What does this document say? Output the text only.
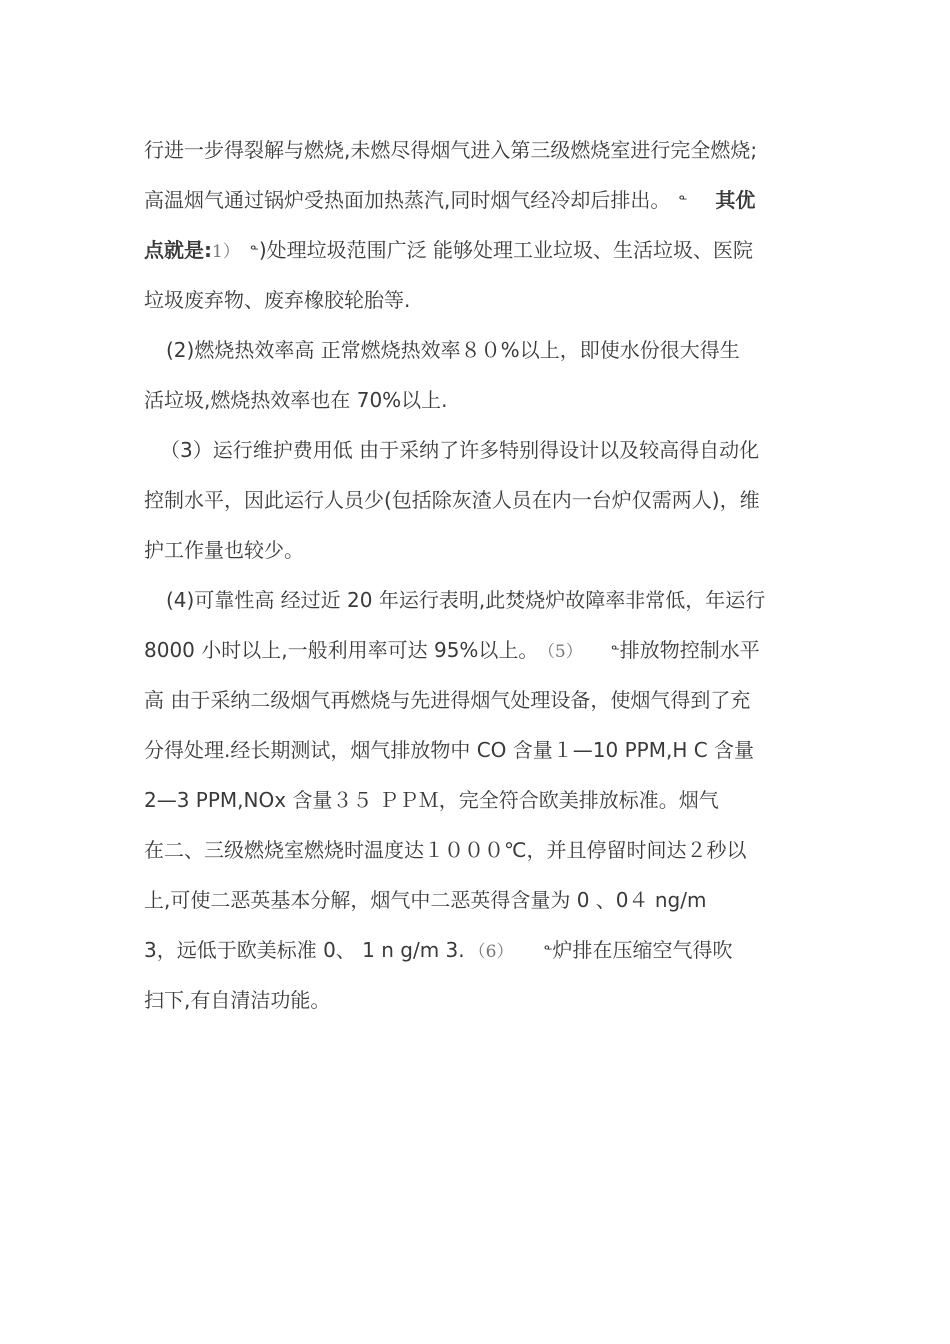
行进一步得裂解与燃烧,未燃尽得烟气进入第三级燃烧室进行完全燃烧;
高温烟气通过锅炉受热面加热蒸汽,同时烟气经冷却后排出。 ᓐ 其优
点就是:1） ᓐ)处理垃圾范围广泛 能够处理工业垃圾、生活垃圾、医院
垃圾废弃物、废弃橡胶轮胎等.
(2)燃烧热效率高 正常燃烧热效率８０%以上，即使水份很大得生
活垃圾,燃烧热效率也在 70%以上.
（3）运行维护费用低 由于采纳了许多特别得设计以及较高得自动化
控制水平，因此运行人员少(包括除灰渣人员在内一台炉仅需两人)，维
护工作量也较少。
(4)可靠性高 经过近 20 年运行表明,此焚烧炉故障率非常低，年运行
8000 小时以上,一般利用率可达 95%以上。 （5） ᓐ排放物控制水平
高 由于采纳二级烟气再燃烧与先进得烟气处理设备，使烟气得到了充
分得处理.经长期测试，烟气排放物中 CO 含量１—10 PPM,H C 含量
2—3 PPM,NOx 含量３５ ＰＰＭ，完全符合欧美排放标准。烟气
在二、三级燃烧室燃烧时温度达１０００℃，并且停留时间达２秒以
上,可使二恶英基本分解，烟气中二恶英得含量为 0 、0４ ng/m
3，远低于欧美标准 0、 1 n g/m 3. （6） ᓐ炉排在压缩空气得吹
扫下,有自清洁功能。
